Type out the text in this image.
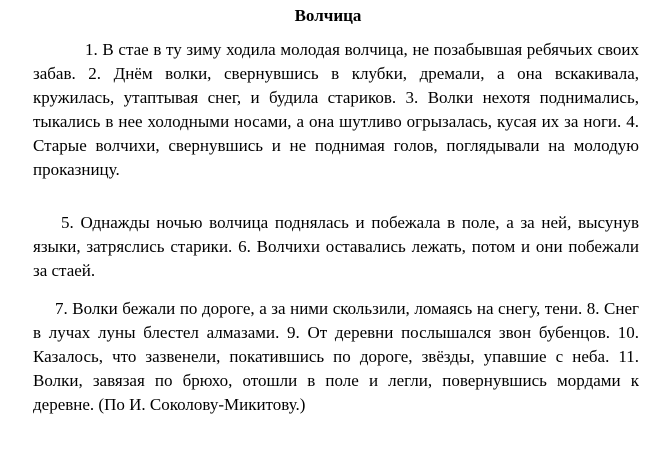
Волчица

1. В стае в ту зиму ходила молодая волчица, не позабывшая ребячьих своих забав. 2. Днём волки, свернувшись в клубки, дремали, а она вскакивала, кружилась, утаптывая снег, и будила стариков. 3. Волки нехотя поднимались, тыкались в нее холодными носами, а она шутливо огрызалась, кусая их за ноги. 4. Старые волчихи, свернувшись и не поднимая голов, поглядывали на молодую проказницу.

5. Однажды ночью волчица поднялась и побежала в поле, а за ней, высунув языки, затряслись старики. 6. Волчихи оставались лежать, потом и они побежали за стаей.

7. Волки бежали по дороге, а за ними скользили, ломаясь на снегу, тени. 8. Снег в лучах луны блестел алмазами. 9. От деревни послышался звон бубенцов. 10. Казалось, что зазвенели, покатившись по дороге, звёзды, упавшие с неба. 11. Волки, завязая по брюхо, отошли в поле и легли, повернувшись мордами к деревне. (По И. Соколову-Микитову.)
